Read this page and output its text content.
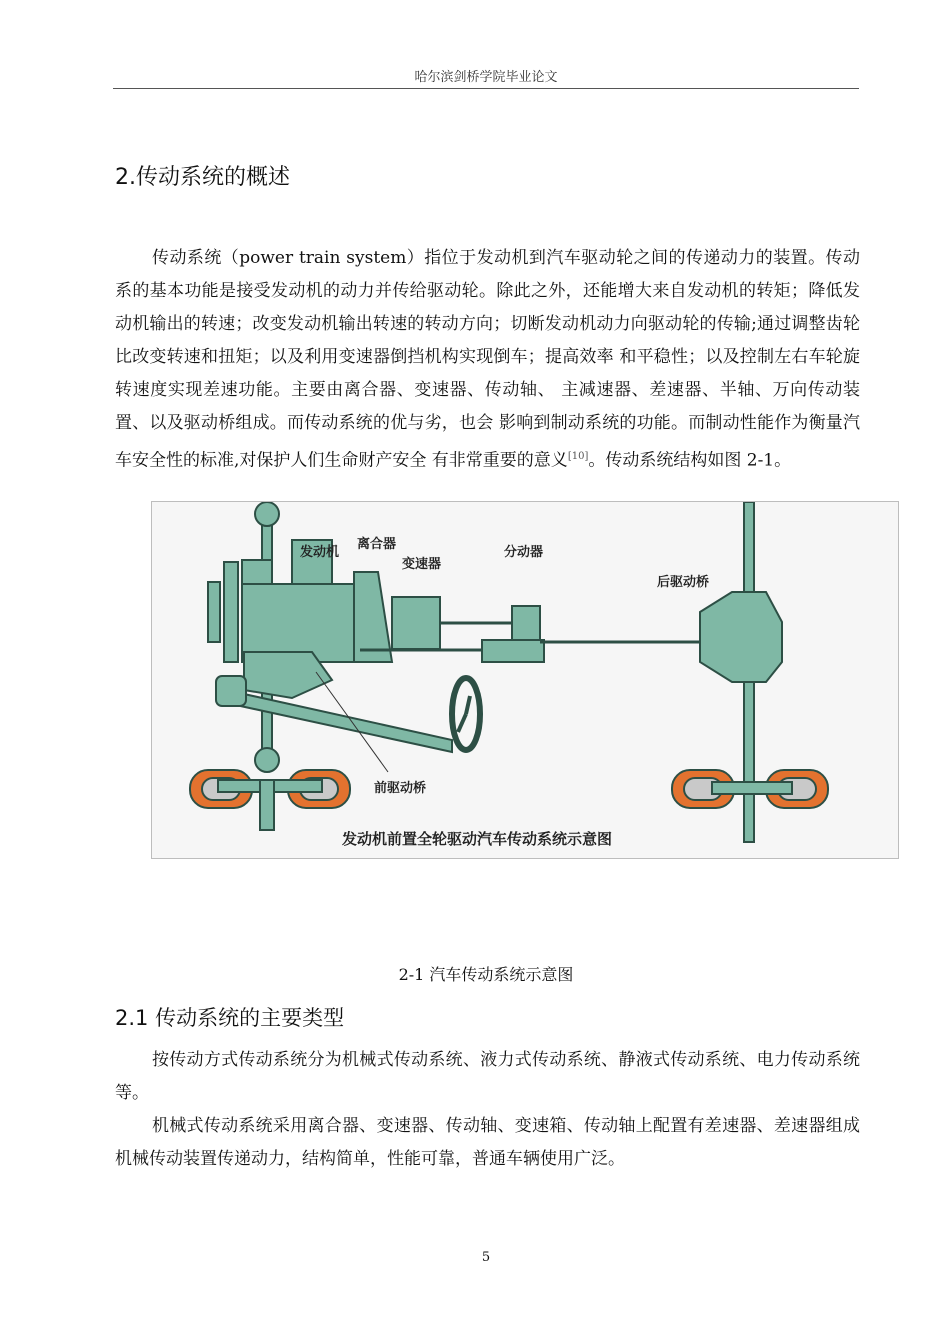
哈尔滨剑桥学院毕业论文
2.传动系统的概述

传动系统（power train system）指位于发动机到汽车驱动轮之间的传递动力的装置。传动系的基本功能是接受发动机的动力并传给驱动轮。除此之外，还能增大来自发动机的转矩；降低发动机输出的转速；改变发动机输出转速的转动方向；切断发动机动力向驱动轮的传输;通过调整齿轮比改变转速和扭矩；以及利用变速器倒挡机构实现倒车；提高效率 和平稳性；以及控制左右车轮旋转速度实现差速功能。主要由离合器、变速器、传动轴、 主减速器、差速器、半轴、万向传动装置、以及驱动桥组成。而传动系统的优与劣，也会 影响到制动系统的功能。而制动性能作为衡量汽车安全性的标准,对保护人们生命财产安全 有非常重要的意义[10]。传动系统结构如图 2-1。

发动机
离合器
变速器
分动器
后驱动桥
前驱动桥
发动机前置全轮驱动汽车传动系统示意图
2-1 汽车传动系统示意图
2.1 传动系统的主要类型

按传动方式传动系统分为机械式传动系统、液力式传动系统、静液式传动系统、电力传动系统等。

机械式传动系统采用离合器、变速器、传动轴、变速箱、传动轴上配置有差速器、差速器组成机械传动装置传递动力，结构简单，性能可靠，普通车辆使用广泛。

5
